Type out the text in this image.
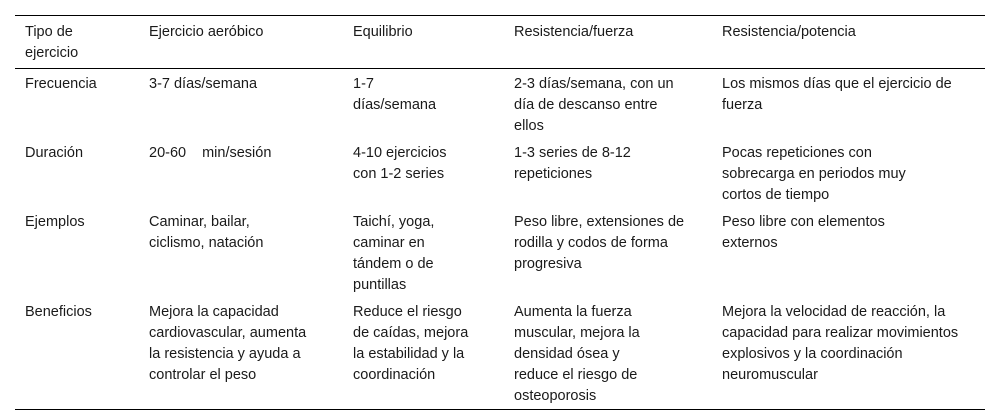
Tipo de ejercicio	Ejercicio aeróbico	Equilibrio	Resistencia/fuerza	Resistencia/potencia

Frecuencia	3-7 días/semana	1-7 días/semana	2-3 días/semana, con un día de descanso entre ellos	Los mismos días que el ejercicio de fuerza

Duración	20-60 min/sesión	4-10 ejercicios con 1-2 series	1-3 series de 8-12 repeticiones	Pocas repeticiones con sobrecarga en periodos muy cortos de tiempo

Ejemplos	Caminar, bailar, ciclismo, natación	Taichí, yoga, caminar en tándem o de puntillas	Peso libre, extensiones de rodilla y codos de forma progresiva	Peso libre con elementos externos

Beneficios	Mejora la capacidad cardiovascular, aumenta la resistencia y ayuda a controlar el peso	Reduce el riesgo de caídas, mejora la estabilidad y la coordinación	Aumenta la fuerza muscular, mejora la densidad ósea y reduce el riesgo de osteoporosis	Mejora la velocidad de reacción, la capacidad para realizar movimientos explosivos y la coordinación neuromuscular
